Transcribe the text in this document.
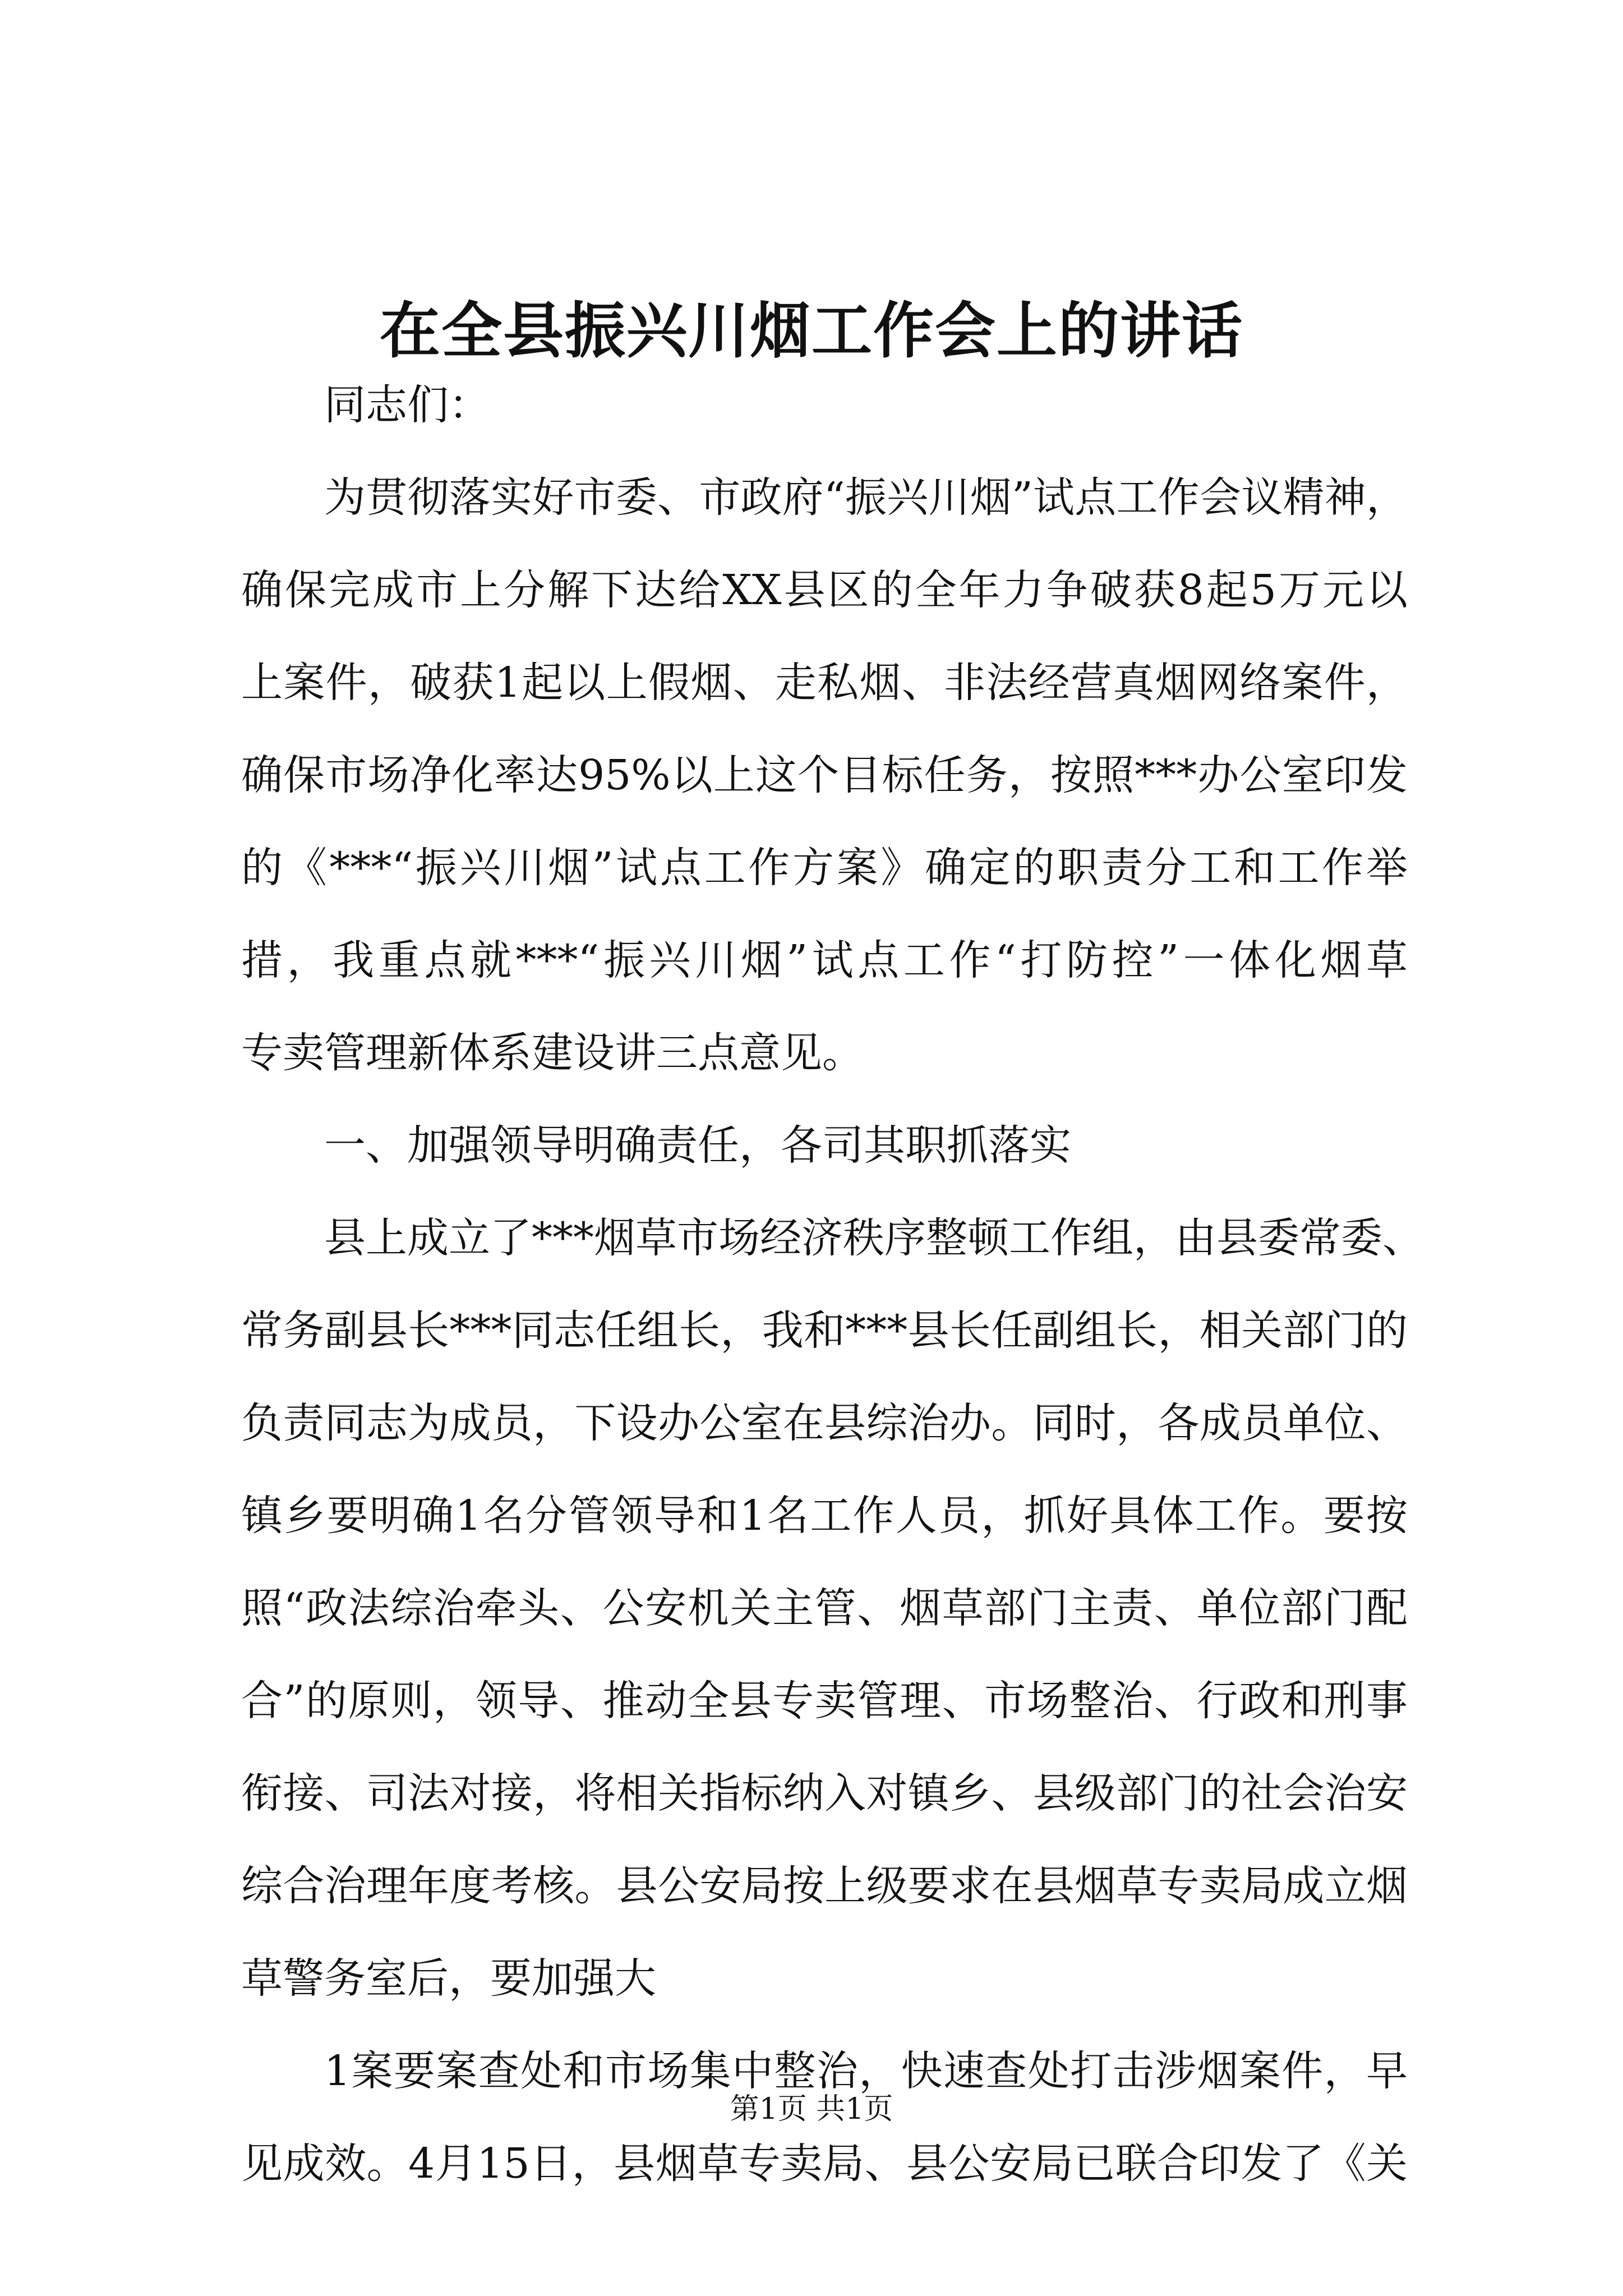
在全县振兴川烟工作会上的讲话

同志们：

为贯彻落实好市委、市政府“振兴川烟”试点工作会议精神，
确保完成市上分解下达给XX县区的全年力争破获8起5万元以
上案件，破获1起以上假烟、走私烟、非法经营真烟网络案件，
确保市场净化率达95%以上这个目标任务，按照***办公室印发
的《***“振兴川烟”试点工作方案》确定的职责分工和工作举
措，我重点就***“振兴川烟”试点工作“打防控”一体化烟草
专卖管理新体系建设讲三点意见。

一、加强领导明确责任，各司其职抓落实

县上成立了***烟草市场经济秩序整顿工作组，由县委常委、
常务副县长***同志任组长，我和***县长任副组长，相关部门的
负责同志为成员，下设办公室在县综治办。同时，各成员单位、
镇乡要明确1名分管领导和1名工作人员，抓好具体工作。要按
照“政法综治牵头、公安机关主管、烟草部门主责、单位部门配
合”的原则，领导、推动全县专卖管理、市场整治、行政和刑事
衔接、司法对接，将相关指标纳入对镇乡、县级部门的社会治安
综合治理年度考核。县公安局按上级要求在县烟草专卖局成立烟
草警务室后，要加强大

1案要案查处和市场集中整治，快速查处打击涉烟案件，早
见成效。4月15日，县烟草专卖局、县公安局已联合印发了《关

第1页 共1页
